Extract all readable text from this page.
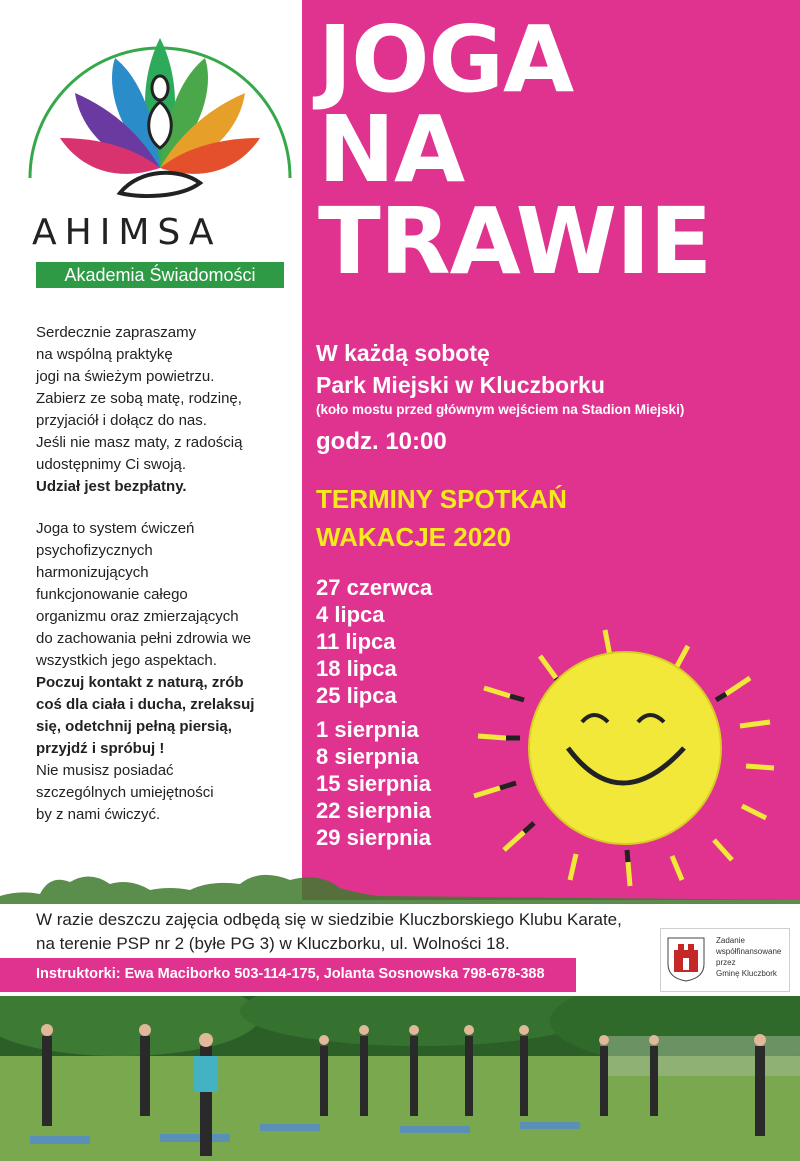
AHIMSA
Akademia Świadomości
JOGA
NA
TRAWIE
W każdą sobotę
Park Miejski w Kluczborku
(koło mostu przed głównym wejściem na Stadion Miejski)
godz. 10:00
TERMINY SPOTKAŃ
WAKACJE 2020
27 czerwca
4 lipca
11 lipca
18 lipca
25 lipca
1 sierpnia
8 sierpnia
15 sierpnia
22 sierpnia
29 sierpnia
Serdecznie zapraszamy
na wspólną praktykę
jogi na świeżym powietrzu.
Zabierz ze sobą matę, rodzinę,
przyjaciół i dołącz do nas.
Jeśli nie masz maty, z radością
udostępnimy Ci swoją.
Udział jest bezpłatny.
Joga to system ćwiczeń
psychofizycznych
harmonizujących
funkcjonowanie całego
organizmu oraz zmierzających
do zachowania pełni zdrowia we
wszystkich jego aspektach.
Poczuj kontakt z naturą, zrób
coś dla ciała i ducha, zrelaksuj
się, odetchnij pełną piersią,
przyjdź i spróbuj !
Nie musisz posiadać
szczególnych umiejętności
by z nami ćwiczyć.
W razie deszczu zajęcia odbędą się w siedzibie Kluczborskiego Klubu Karate,
na terenie PSP nr 2 (byłe PG 3) w Kluczborku, ul. Wolności 18.
Instruktorki: Ewa Maciborko 503-114-175, Jolanta Sosnowska 798-678-388
Zadanie
współfinansowane
przez
Gminę Kluczbork
